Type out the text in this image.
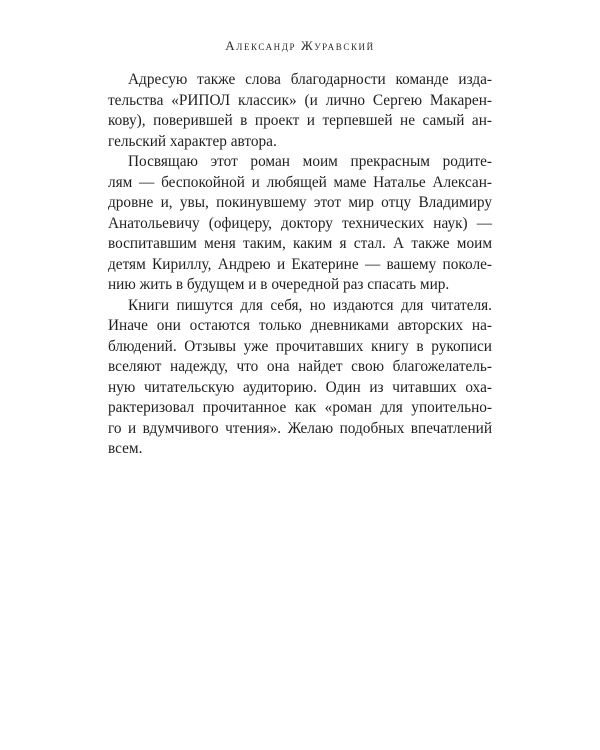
Александр Журавский

Адресую также слова благодарности команде изда-
тельства «РИПОЛ классик» (и лично Сергею Макарен-
кову), поверившей в проект и терпевшей не самый ан-
гельский характер автора.

Посвящаю этот роман моим прекрасным родите-
лям — беспокойной и любящей маме Наталье Алексан-
дровне и, увы, покинувшему этот мир отцу Владимиру
Анатольевичу (офицеру, доктору технических наук) —
воспитавшим меня таким, каким я стал. А также моим
детям Кириллу, Андрею и Екатерине — вашему поколе-
нию жить в будущем и в очередной раз спасать мир.

Книги пишутся для себя, но издаются для читателя.
Иначе они остаются только дневниками авторских на-
блюдений. Отзывы уже прочитавших книгу в рукописи
вселяют надежду, что она найдет свою благожелатель-
ную читательскую аудиторию. Один из читавших оха-
рактеризовал прочитанное как «роман для упоительно-
го и вдумчивого чтения». Желаю подобных впечатлений
всем.
